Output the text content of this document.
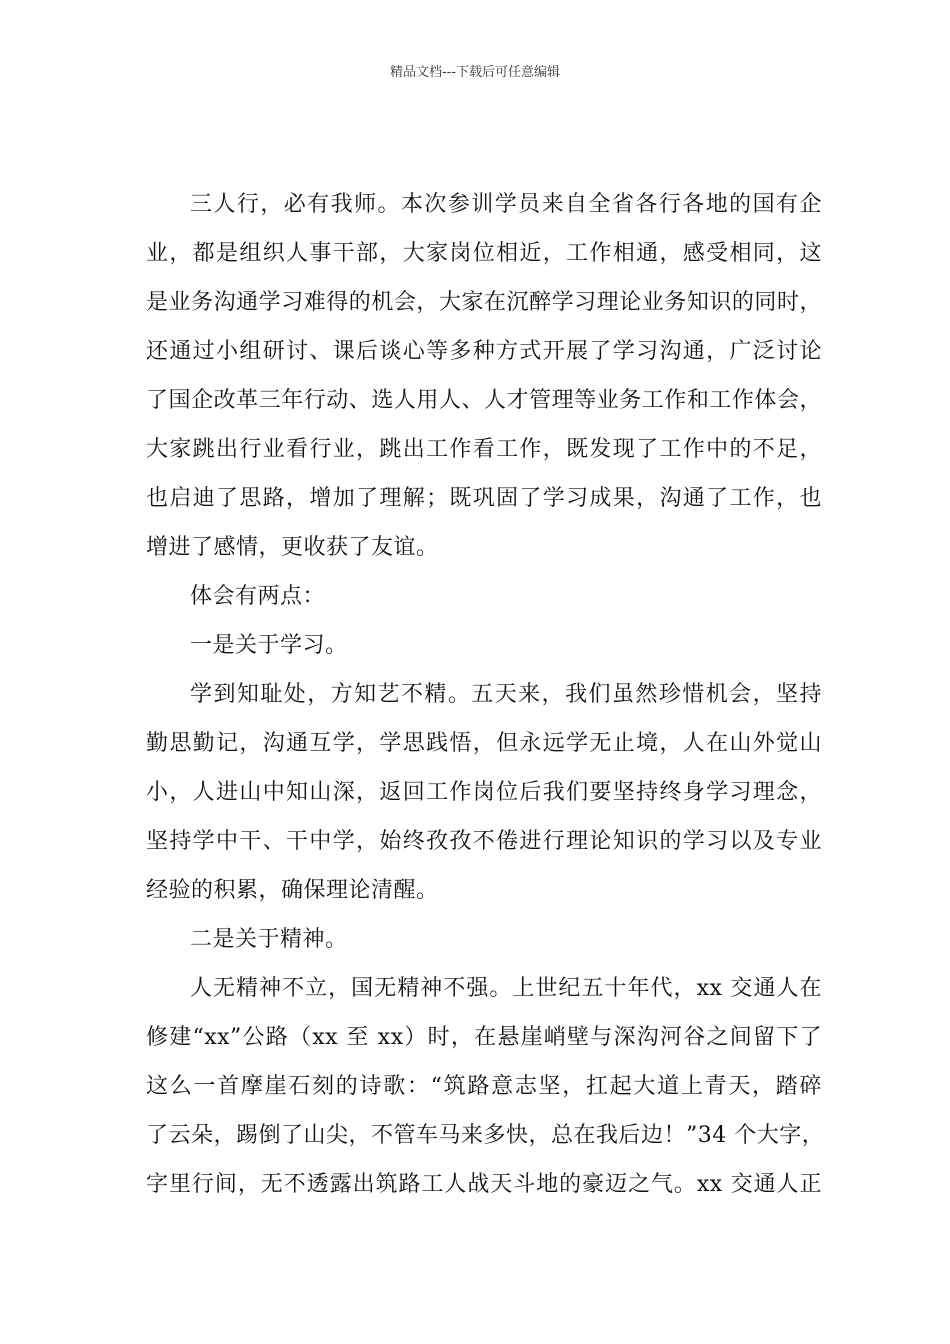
精品文档---下载后可任意编辑
三人行，必有我师。本次参训学员来自全省各行各地的国有企
业，都是组织人事干部，大家岗位相近，工作相通，感受相同，这
是业务沟通学习难得的机会，大家在沉醉学习理论业务知识的同时，
还通过小组研讨、课后谈心等多种方式开展了学习沟通，广泛讨论
了国企改革三年行动、选人用人、人才管理等业务工作和工作体会，
大家跳出行业看行业，跳出工作看工作，既发现了工作中的不足，
也启迪了思路，增加了理解；既巩固了学习成果，沟通了工作，也
增进了感情，更收获了友谊。
体会有两点：
一是关于学习。
学到知耻处，方知艺不精。五天来，我们虽然珍惜机会，坚持
勤思勤记，沟通互学，学思践悟，但永远学无止境，人在山外觉山
小，人进山中知山深，返回工作岗位后我们要坚持终身学习理念，
坚持学中干、干中学，始终孜孜不倦进行理论知识的学习以及专业
经验的积累，确保理论清醒。
二是关于精神。
人无精神不立，国无精神不强。上世纪五十年代，xx 交通人在
修建“xx”公路（xx 至 xx）时，在悬崖峭壁与深沟河谷之间留下了
这么一首摩崖石刻的诗歌：“筑路意志坚，扛起大道上青天，踏碎
了云朵，踢倒了山尖，不管车马来多快，总在我后边！”34 个大字，
字里行间，无不透露出筑路工人战天斗地的豪迈之气。xx 交通人正
